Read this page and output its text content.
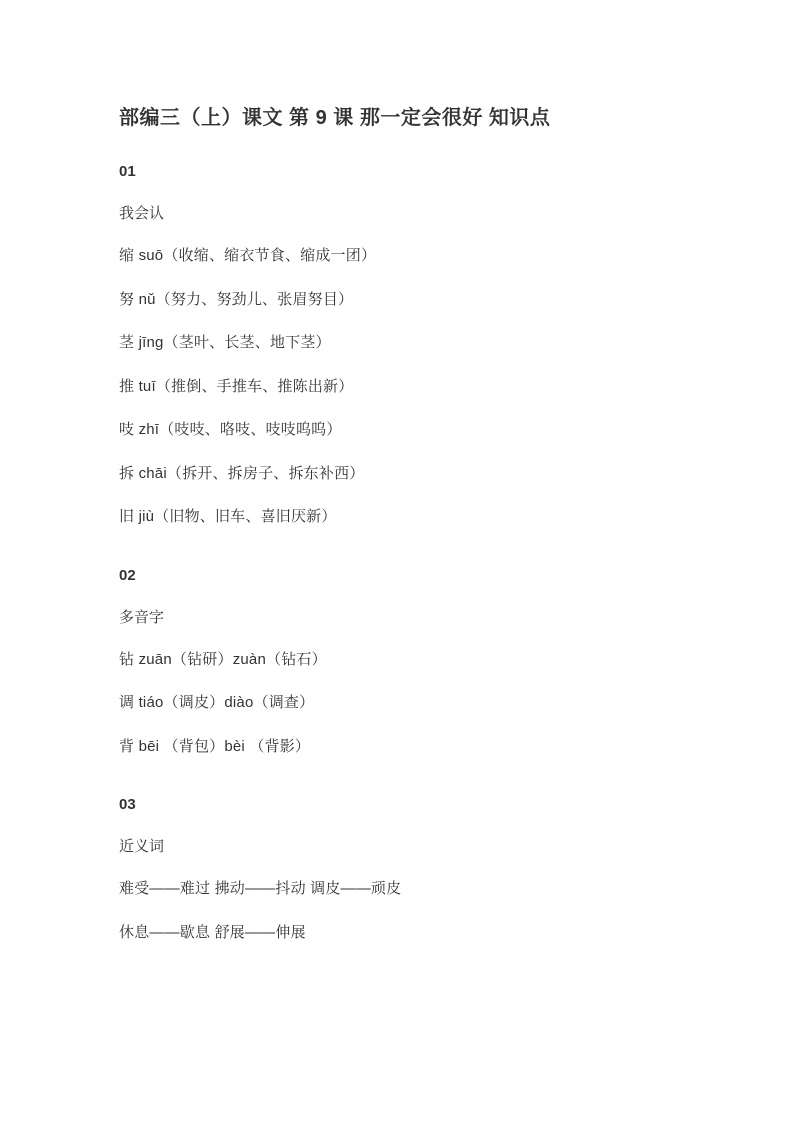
部编三（上）课文 第 9 课 那一定会很好 知识点

01

我会认

缩 suō（收缩、缩衣节食、缩成一团）

努 nǔ（努力、努劲儿、张眉努目）

茎 jīng（茎叶、长茎、地下茎）

推 tuī（推倒、手推车、推陈出新）

吱 zhī（吱吱、咯吱、吱吱呜呜）

拆 chāi（拆开、拆房子、拆东补西）

旧 jiù（旧物、旧车、喜旧厌新）

02

多音字

钻 zuān（钻研）zuàn（钻石）

调 tiáo（调皮）diào（调查）

背 bēi （背包）bèi （背影）

03

近义词

难受——难过 拂动——抖动 调皮——顽皮

休息——歇息 舒展——伸展
